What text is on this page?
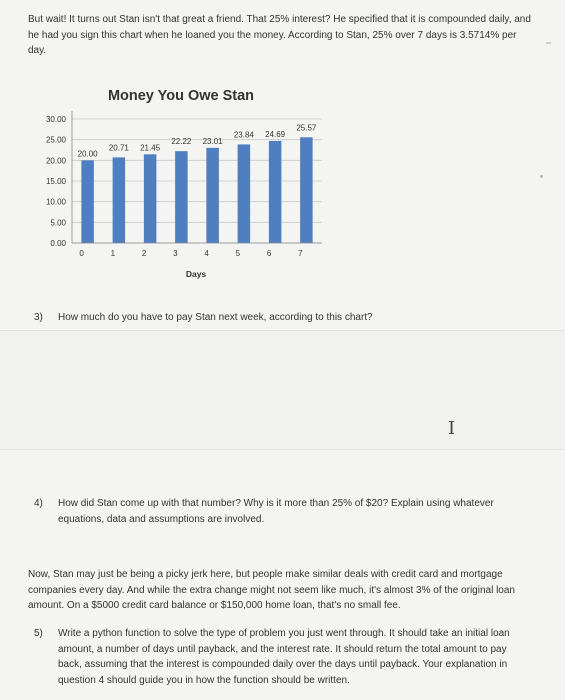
But wait! It turns out Stan isn't that great a friend. That 25% interest? He specified that it is compounded daily, and he had you sign this chart when he loaned you the money. According to Stan, 25% over 7 days is 3.5714% per day.
Money You Owe Stan
0.00
5.00
10.00
15.00
20.00
25.00
30.00
0	1	2	3	4	5	6	7
20.00
20.71 21.45
22.22 23.01
23.84 24.69
25.57
Days
3) How much do you have to pay Stan next week, according to this chart?
I
4) How did Stan come up with that number? Why is it more than 25% of $20? Explain using whatever equations, data and assumptions are involved.
Now, Stan may just be being a picky jerk here, but people make similar deals with credit card and mortgage companies every day. And while the extra change might not seem like much, it's almost 3% of the original loan amount. On a $5000 credit card balance or $150,000 home loan, that's no small fee.
5) Write a python function to solve the type of problem you just went through. It should take an initial loan amount, a number of days until payback, and the interest rate. It should return the total amount to pay back, assuming that the interest is compounded daily over the days until payback. Your explanation in question 4 should guide you in how the function should be written.
